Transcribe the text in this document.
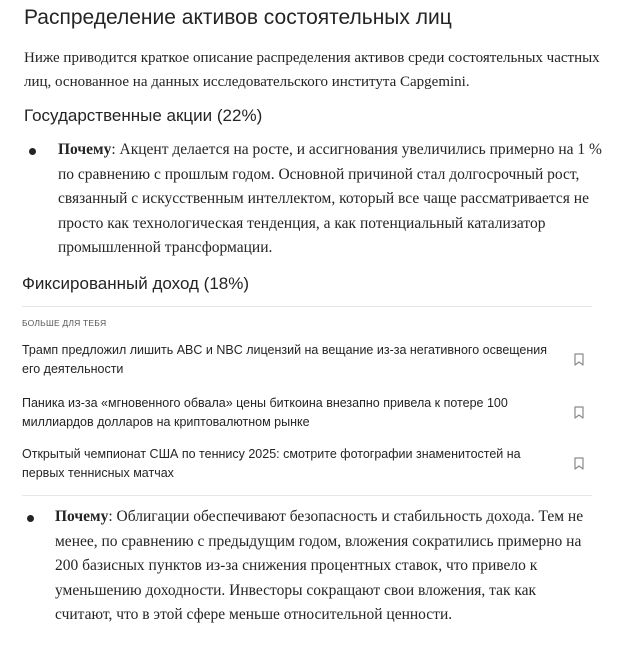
Распределение активов состоятельных лиц

Ниже приводится краткое описание распределения активов среди состоятельных частных лиц, основанное на данных исследовательского института Capgemini.

Государственные акции (22%)

Почему: Акцент делается на росте, и ассигнования увеличились примерно на 1 % по сравнению с прошлым годом. Основной причиной стал долгосрочный рост, связанный с искусственным интеллектом, который все чаще рассматривается не просто как технологическая тенденция, а как потенциальный катализатор промышленной трансформации.

Фиксированный доход (18%)
БОЛЬШЕ ДЛЯ ТЕБЯ
Трамп предложил лишить ABC и NBC лицензий на вещание из-за негативного освещения его деятельности
Паника из-за «мгновенного обвала» цены биткоина внезапно привела к потере 100 миллиардов долларов на криптовалютном рынке
Открытый чемпионат США по теннису 2025: смотрите фотографии знаменитостей на первых теннисных матчах

Почему: Облигации обеспечивают безопасность и стабильность дохода. Тем не менее, по сравнению с предыдущим годом, вложения сократились примерно на 200 базисных пунктов из-за снижения процентных ставок, что привело к уменьшению доходности. Инвесторы сокращают свои вложения, так как считают, что в этой сфере меньше относительной ценности.
